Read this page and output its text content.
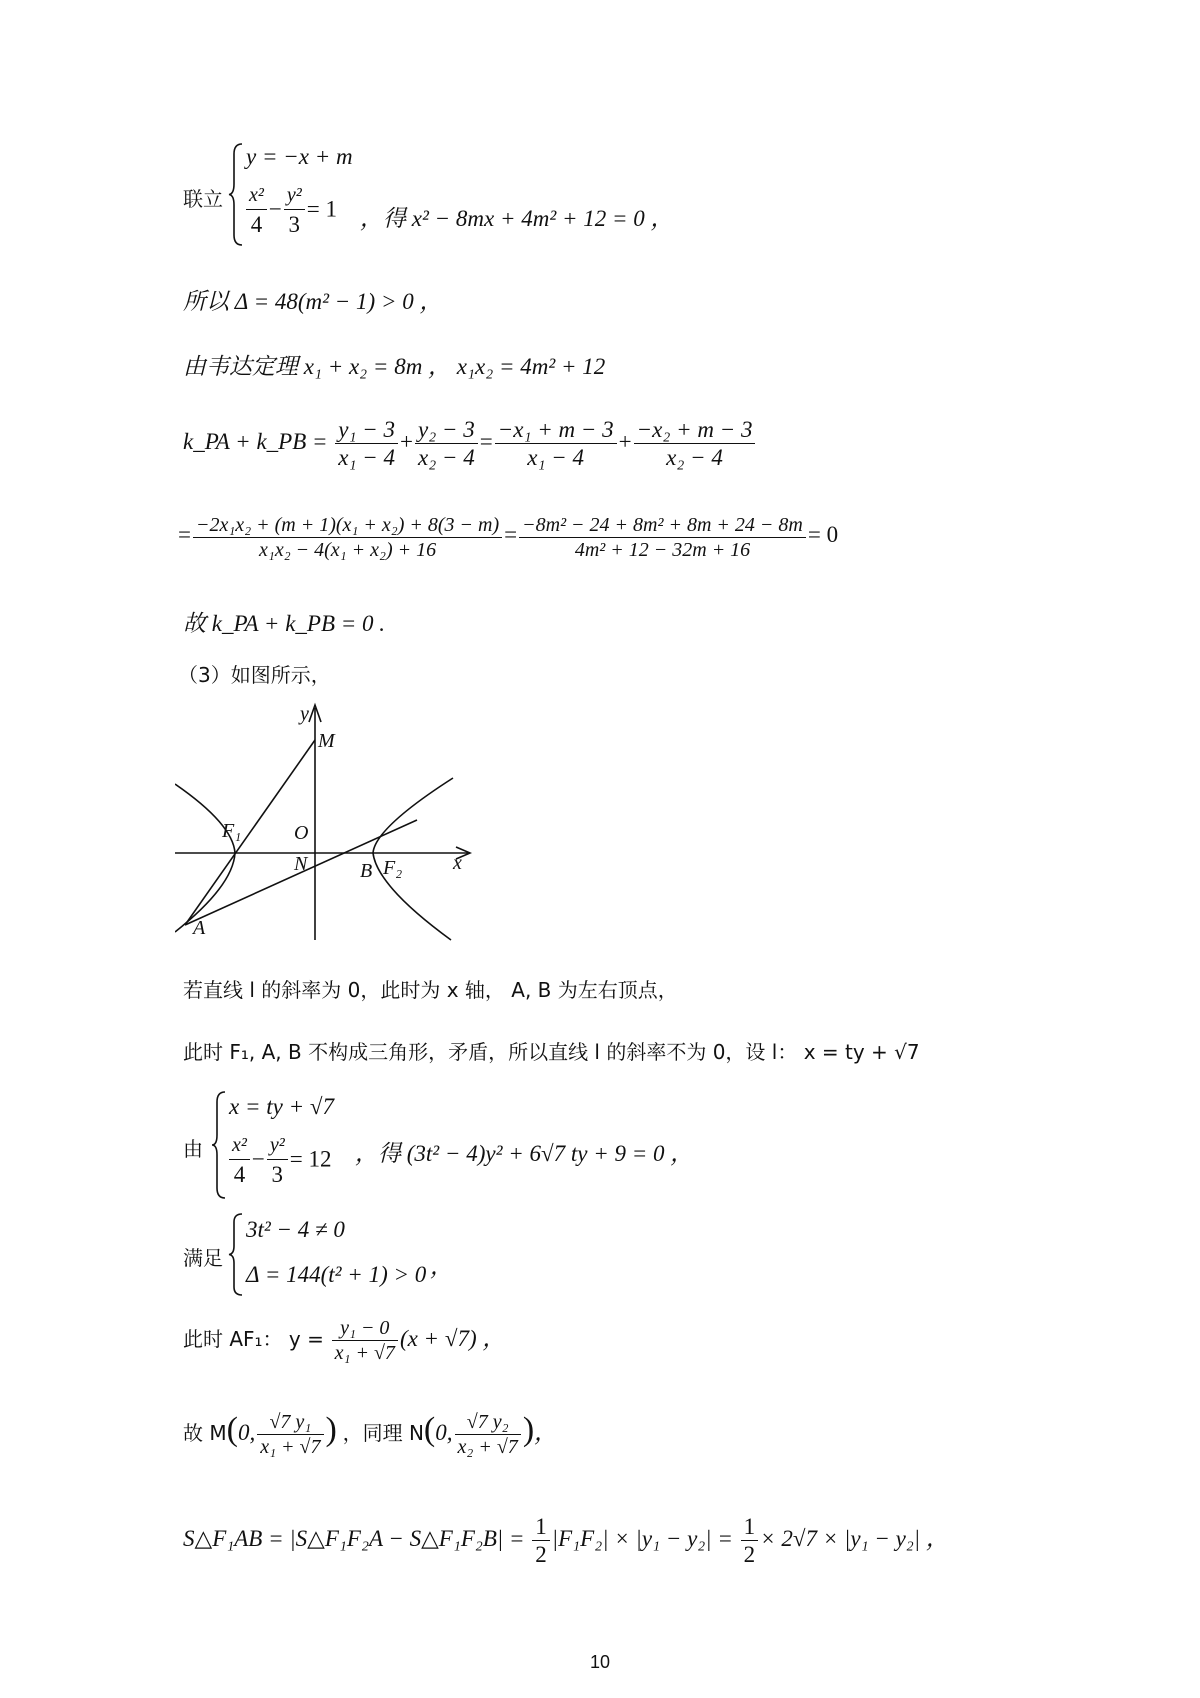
联立
y = −x + m
$\frac{\text{x²}}{4} - \frac{\text{y²}}{3} = 1$ ，得 x² − 8mx + 4m² + 12 = 0 ，
所以 Δ = 48(m² − 1) > 0 ，
由韦达定理 x₁ + x₂ = 8m ， x₁x₂ = 4m² + 12
k_PA + k_PB = $\frac{\text{y₁ − 3}}{\text{x₁ − 4}} + \frac{\text{y₂ − 3}}{\text{x₂ − 4}} = \frac{\text{−x₁ + m − 3}}{\text{x₁ − 4}} + \frac{\text{−x₂ + m − 3}}{\text{x₂ − 4}}$
= $\frac{\text{−2x₁x₂ + (m + 1)(x₁ + x₂) + 8(3 − m)}}{\text{x₁x₂ − 4(x₁ + x₂) + 16}} = \frac{\text{−8m² − 24 + 8m² + 8m + 24 − 8m}}{\text{4m² + 12 − 32m + 16}} = 0$
故 k_PA + k_PB = 0 .
（3）如图所示，
y
M
F₁	O
N	B F₂	x
A
若直线 l 的斜率为 0，此时为 x 轴， A, B 为左右顶点，
此时 F₁, A, B 不构成三角形，矛盾，所以直线 l 的斜率不为 0，设 l： x = ty + √7
由
x = ty + √7
$\frac{\text{x²}}{4} - \frac{\text{y²}}{3} = 12$ ，得 (3t² − 4)y² + 6√7 ty + 9 = 0 ，
满足
3t² − 4 ≠ 0
Δ = 144(t² + 1) > 0 ，
此时 AF₁： $y = \frac{\text{y₁ − 0}}{\text{x₁ + √7}} (x + √7)$ ，
故 M(0, $\frac{\text{√7 y₁}}{\text{x₁ + √7}}$ ) ，同理 N(0, $\frac{\text{√7 y₂}}{\text{x₂ + √7}}$ )，
S△F₁AB = |S△F₁F₂A − S△F₁F₂B| = $\frac{1}{2} |F_1F_2| \times |y_1 - y_2| = \frac{1}{2} \times 2√7 \times |y_1 - y_2|$ ，
10
